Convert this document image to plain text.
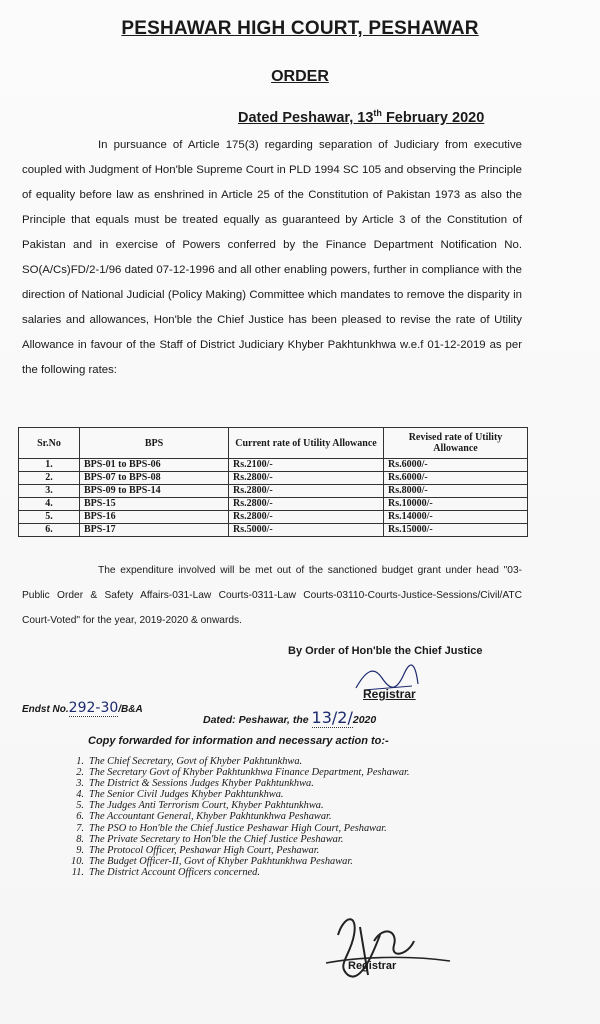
PESHAWAR HIGH COURT, PESHAWAR
ORDER
Dated Peshawar, 13th February 2020
In pursuance of Article 175(3) regarding separation of Judiciary from executive coupled with Judgment of Hon'ble Supreme Court in PLD 1994 SC 105 and observing the Principle of equality before law as enshrined in Article 25 of the Constitution of Pakistan 1973 as also the Principle that equals must be treated equally as guaranteed by Article 3 of the Constitution of Pakistan and in exercise of Powers conferred by the Finance Department Notification No. SO(A/Cs)FD/2-1/96 dated 07-12-1996 and all other enabling powers, further in compliance with the direction of National Judicial (Policy Making) Committee which mandates to remove the disparity in salaries and allowances, Hon'ble the Chief Justice has been pleased to revise the rate of Utility Allowance in favour of the Staff of District Judiciary Khyber Pakhtunkhwa w.e.f 01-12-2019 as per the following rates:
Sr.No	BPS	Current rate of Utility Allowance	Revised rate of Utility Allowance
1.	BPS-01 to BPS-06	Rs.2100/-	Rs.6000/-
2.	BPS-07 to BPS-08	Rs.2800/-	Rs.6000/-
3.	BPS-09 to BPS-14	Rs.2800/-	Rs.8000/-
4.	BPS-15	Rs.2800/-	Rs.10000/-
5.	BPS-16	Rs.2800/-	Rs.14000/-
6.	BPS-17	Rs.5000/-	Rs.15000/-
The expenditure involved will be met out of the sanctioned budget grant under head "03-Public Order & Safety Affairs-031-Law Courts-0311-Law Courts-03110-Courts-Justice-Sessions/Civil/ATC Court-Voted" for the year, 2019-2020 & onwards.
By Order of Hon'ble the Chief Justice
Registrar
Endst No.292-30/B&A
Dated: Peshawar, the 13/2/2020
Copy forwarded for information and necessary action to:-
1. The Chief Secretary, Govt of Khyber Pakhtunkhwa.
2. The Secretary Govt of Khyber Pakhtunkhwa Finance Department, Peshawar.
3. The District & Sessions Judges Khyber Pakhtunkhwa.
4. The Senior Civil Judges Khyber Pakhtunkhwa.
5. The Judges Anti Terrorism Court, Khyber Pakhtunkhwa.
6. The Accountant General, Khyber Pakhtunkhwa Peshawar.
7. The PSO to Hon'ble the Chief Justice Peshawar High Court, Peshawar.
8. The Private Secretary to Hon'ble the Chief Justice Peshawar.
9. The Protocol Officer, Peshawar High Court, Peshawar.
10. The Budget Officer-II, Govt of Khyber Pakhtunkhwa Peshawar.
11. The District Account Officers concerned.
Registrar
